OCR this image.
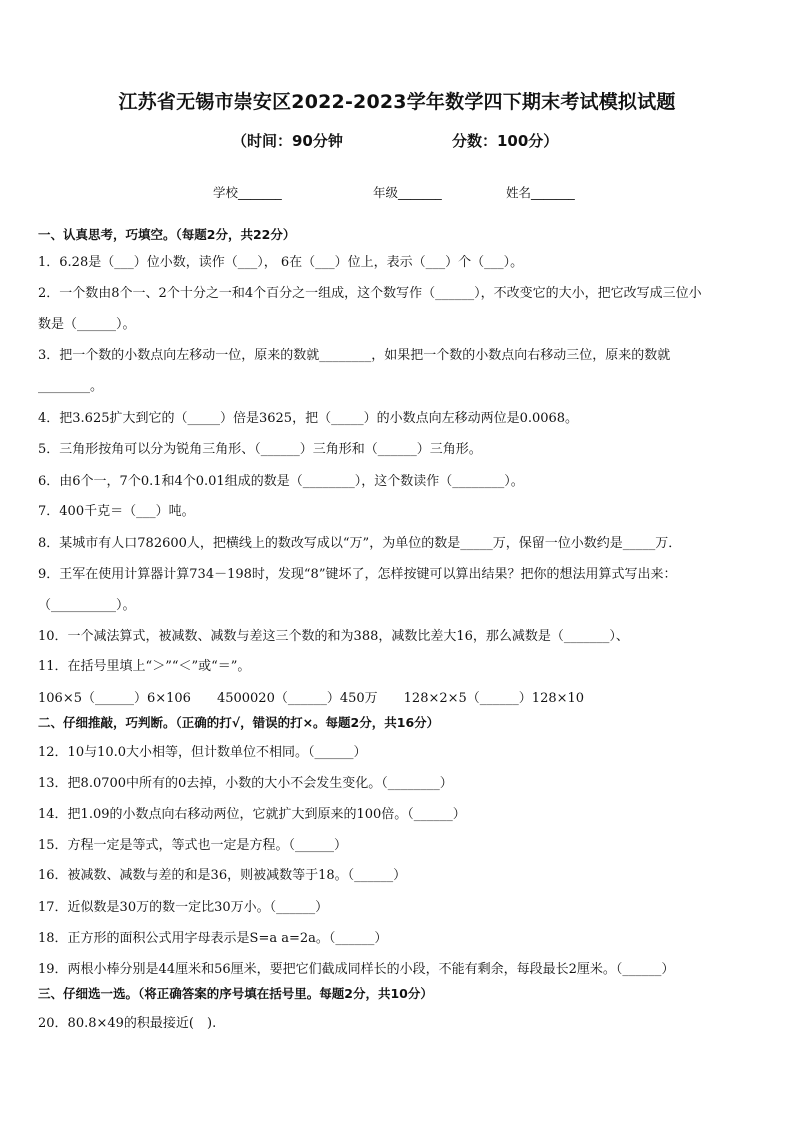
江苏省无锡市崇安区2022-2023学年数学四下期末考试模拟试题
（时间：90分钟	分数：100分）
学校_______	年级_______	姓名_______
一、认真思考，巧填空。（每题2分，共22分）
1．6.28是（___）位小数，读作（___）， 6在（___）位上，表示（___）个（___）。
2．一个数由8个一、2个十分之一和4个百分之一组成，这个数写作（______），不改变它的大小，把它改写成三位小
数是（______）。
3．把一个数的小数点向左移动一位，原来的数就________，如果把一个数的小数点向右移动三位，原来的数就
________。
4．把3.625扩大到它的（_____）倍是3625，把（_____）的小数点向左移动两位是0.0068。
5．三角形按角可以分为锐角三角形、（______）三角形和（______）三角形。
6．由6个一，7个0.1和4个0.01组成的数是（________），这个数读作（________）。
7．400千克＝（___）吨。
8．某城市有人口782600人，把横线上的数改写成以“万”，为单位的数是_____万，保留一位小数约是_____万．
9．王军在使用计算器计算734－198时，发现“8”键坏了，怎样按键可以算出结果？把你的想法用算式写出来：
（__________）。
10．一个减法算式，被减数、减数与差这三个数的和为388，减数比差大16，那么减数是（_______）、
11．在括号里填上“＞”“＜”或“＝”。
106×5（______）6×106　　4500020（______）450万　　128×2×5（______）128×10
二、仔细推敲，巧判断。（正确的打√，错误的打×。每题2分，共16分）
12．10与10.0大小相等，但计数单位不相同。（______）
13．把8.0700中所有的0去掉，小数的大小不会发生变化。（________）
14．把1.09的小数点向右移动两位，它就扩大到原来的100倍。（______）
15．方程一定是等式，等式也一定是方程。（______）
16．被减数、减数与差的和是36，则被减数等于18。（______）
17．近似数是30万的数一定比30万小。（______）
18．正方形的面积公式用字母表示是S=a a=2a。（______）
19．两根小棒分别是44厘米和56厘米，要把它们截成同样长的小段，不能有剩余，每段最长2厘米。（______）
三、仔细选一选。（将正确答案的序号填在括号里。每题2分，共10分）
20．80.8×49的积最接近(　).
